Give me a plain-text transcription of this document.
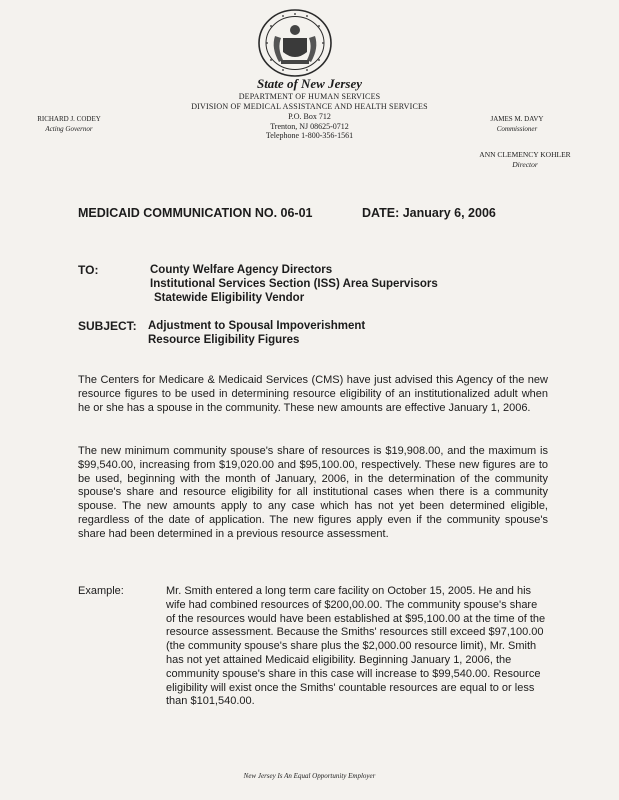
State of New Jersey
DEPARTMENT OF HUMAN SERVICES
DIVISION OF MEDICAL ASSISTANCE AND HEALTH SERVICES
P.O. Box 712
Trenton, NJ 08625-0712
Telephone 1-800-356-1561
RICHARD J. CODEY
Acting Governor
JAMES M. DAVY
Commissioner
ANN CLEMENCY KOHLER
Director
MEDICAID COMMUNICATION NO. 06-01	DATE: January 6, 2006
TO:	County Welfare Agency Directors
Institutional Services Section (ISS) Area Supervisors
Statewide Eligibility Vendor
SUBJECT: Adjustment to Spousal Impoverishment Resource Eligibility Figures
The Centers for Medicare & Medicaid Services (CMS) have just advised this Agency of the new resource figures to be used in determining resource eligibility of an institutionalized adult when he or she has a spouse in the community. These new amounts are effective January 1, 2006.
The new minimum community spouse's share of resources is $19,908.00, and the maximum is $99,540.00, increasing from $19,020.00 and $95,100.00, respectively. These new figures are to be used, beginning with the month of January, 2006, in the determination of the community spouse's share and resource eligibility for all institutional cases when there is a community spouse. The new amounts apply to any case which has not yet been determined eligible, regardless of the date of application. The new figures apply even if the community spouse's share had been determined in a previous resource assessment.
Example:	Mr. Smith entered a long term care facility on October 15, 2005. He and his wife had combined resources of $200,00.00. The community spouse's share of the resources would have been established at $95,100.00 at the time of the resource assessment. Because the Smiths' resources still exceed $97,100.00 (the community spouse's share plus the $2,000.00 resource limit), Mr. Smith has not yet attained Medicaid eligibility. Beginning January 1, 2006, the community spouse's share in this case will increase to $99,540.00. Resource eligibility will exist once the Smiths' countable resources are equal to or less than $101,540.00.
New Jersey Is An Equal Opportunity Employer
